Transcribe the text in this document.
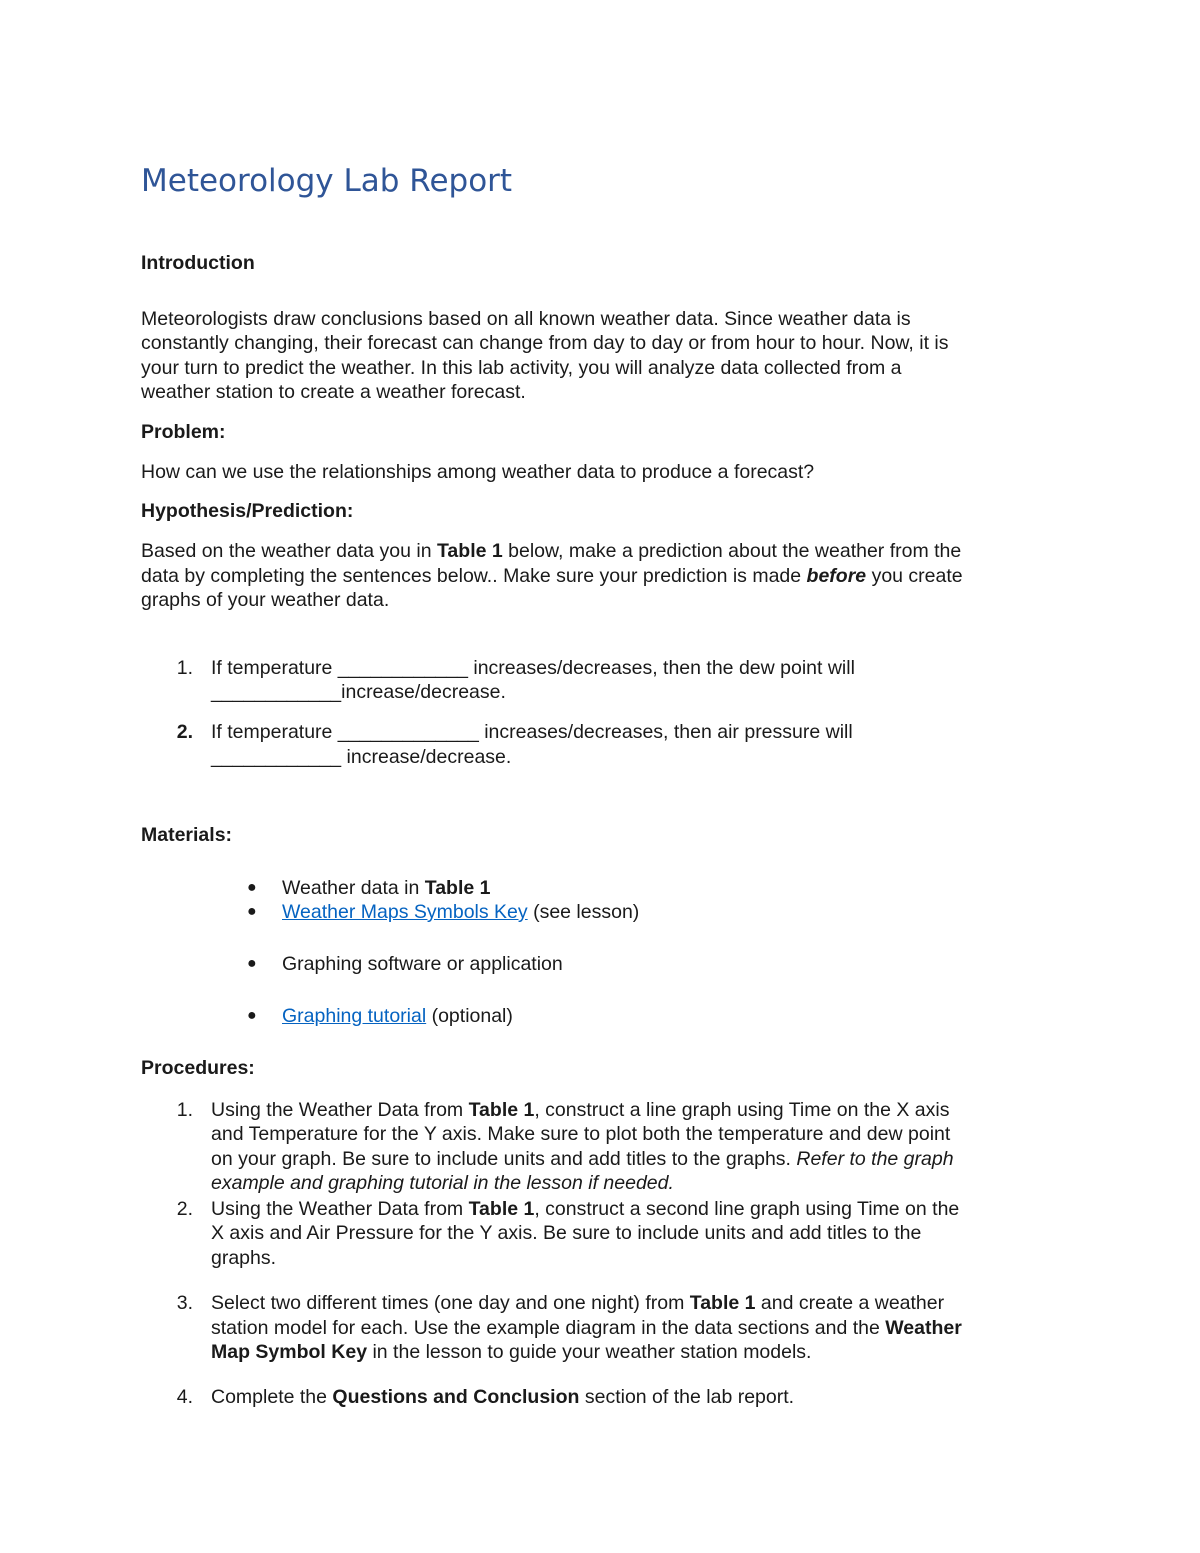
Meteorology Lab Report
Introduction
Meteorologists draw conclusions based on all known weather data. Since weather data is
constantly changing, their forecast can change from day to day or from hour to hour. Now, it is
your turn to predict the weather. In this lab activity, you will analyze data collected from a
weather station to create a weather forecast.
Problem:
How can we use the relationships among weather data to produce a forecast?
Hypothesis/Prediction:
Based on the weather data you in Table 1 below, make a prediction about the weather from the
data by completing the sentences below.. Make sure your prediction is made before you create
graphs of your weather data.
1. If temperature ____________ increases/decreases, then the dew point will
____________increase/decrease.
2. If temperature _____________ increases/decreases, then air pressure will
____________ increase/decrease.
Materials:
● Weather data in Table 1
● Weather Maps Symbols Key (see lesson)
● Graphing software or application
● Graphing tutorial (optional)
Procedures:
1. Using the Weather Data from Table 1, construct a line graph using Time on the X axis
and Temperature for the Y axis. Make sure to plot both the temperature and dew point
on your graph. Be sure to include units and add titles to the graphs. Refer to the graph
example and graphing tutorial in the lesson if needed.
2. Using the Weather Data from Table 1, construct a second line graph using Time on the
X axis and Air Pressure for the Y axis. Be sure to include units and add titles to the
graphs.
3. Select two different times (one day and one night) from Table 1 and create a weather
station model for each. Use the example diagram in the data sections and the Weather
Map Symbol Key in the lesson to guide your weather station models.
4. Complete the Questions and Conclusion section of the lab report.
